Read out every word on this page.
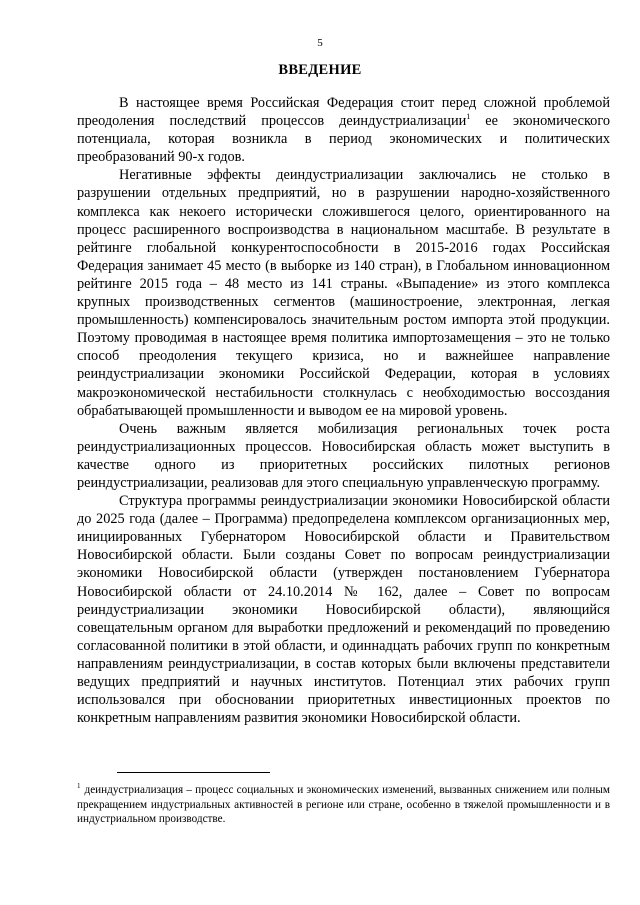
5
ВВЕДЕНИЕ

В настоящее время Российская Федерация стоит перед сложной проблемой преодоления последствий процессов деиндустриализации$^1$ ее экономического потенциала, которая возникла в период экономических и политических преобразований 90-х годов.

Негативные эффекты деиндустриализации заключались не столько в разрушении отдельных предприятий, но в разрушении народно-хозяйственного комплекса как некоего исторически сложившегося целого, ориентированного на процесс расширенного воспроизводства в национальном масштабе. В результате в рейтинге глобальной конкурентоспособности в 2015-2016 годах Российская Федерация занимает 45 место (в выборке из 140 стран), в Глобальном инновационном рейтинге 2015 года – 48 место из 141 страны. «Выпадение» из этого комплекса крупных производственных сегментов (машиностроение, электронная, легкая промышленность) компенсировалось значительным ростом импорта этой продукции. Поэтому проводимая в настоящее время политика импортозамещения – это не только способ преодоления текущего кризиса, но и важнейшее направление реиндустриализации экономики Российской Федерации, которая в условиях макроэкономической нестабильности столкнулась с необходимостью воссоздания обрабатывающей промышленности и выводом ее на мировой уровень.

Очень важным является мобилизация региональных точек роста реиндустриализационных процессов. Новосибирская область может выступить в качестве одного из приоритетных российских пилотных регионов реиндустриализации, реализовав для этого специальную управленческую программу.

Структура программы реиндустриализации экономики Новосибирской области до 2025 года (далее – Программа) предопределена комплексом организационных мер, инициированных Губернатором Новосибирской области и Правительством Новосибирской области. Были созданы Совет по вопросам реиндустриализации экономики Новосибирской области (утвержден постановлением Губернатора Новосибирской области от 24.10.2014 № 162, далее – Совет по вопросам реиндустриализации экономики Новосибирской области), являющийся совещательным органом для выработки предложений и рекомендаций по проведению согласованной политики в этой области, и одиннадцать рабочих групп по конкретным направлениям реиндустриализации, в состав которых были включены представители ведущих предприятий и научных институтов. Потенциал этих рабочих групп использовался при обосновании приоритетных инвестиционных проектов по конкретным направлениям развития экономики Новосибирской области.

$^1$ деиндустриализация – процесс социальных и экономических изменений, вызванных снижением или полным прекращением индустриальных активностей в регионе или стране, особенно в тяжелой промышленности и в индустриальном производстве.
